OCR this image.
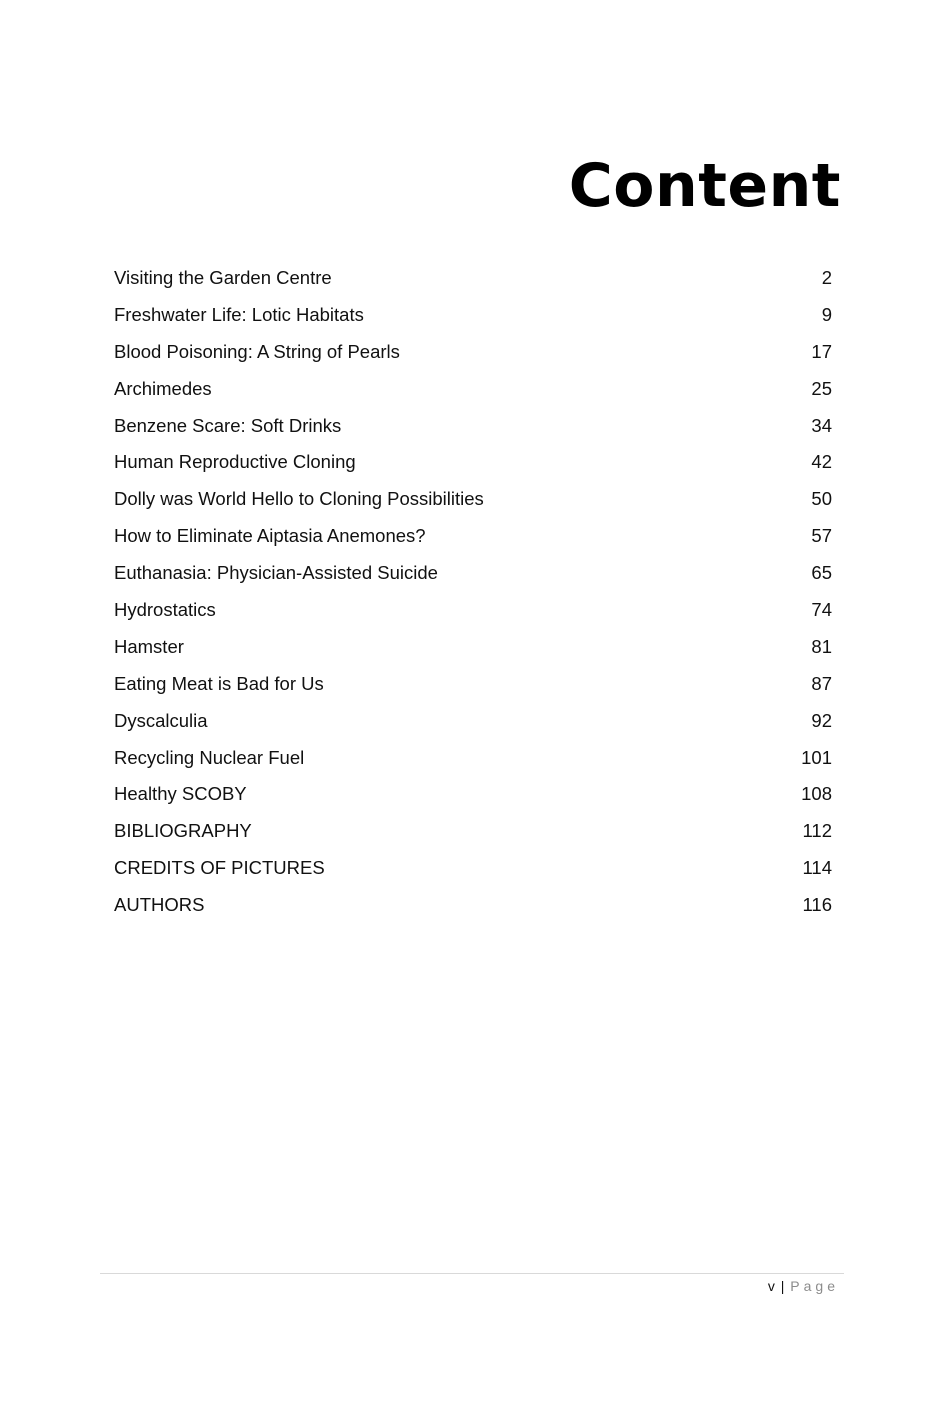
Content
Visiting the Garden Centre	2
Freshwater Life: Lotic Habitats	9
Blood Poisoning: A String of Pearls	17
Archimedes	25
Benzene Scare: Soft Drinks	34
Human Reproductive Cloning	42
Dolly was World Hello to Cloning Possibilities	50
How to Eliminate Aiptasia Anemones?	57
Euthanasia: Physician-Assisted Suicide	65
Hydrostatics	74
Hamster	81
Eating Meat is Bad for Us	87
Dyscalculia	92
Recycling Nuclear Fuel	101
Healthy SCOBY	108
BIBLIOGRAPHY	112
CREDITS OF PICTURES	114
AUTHORS	116
v | Page
